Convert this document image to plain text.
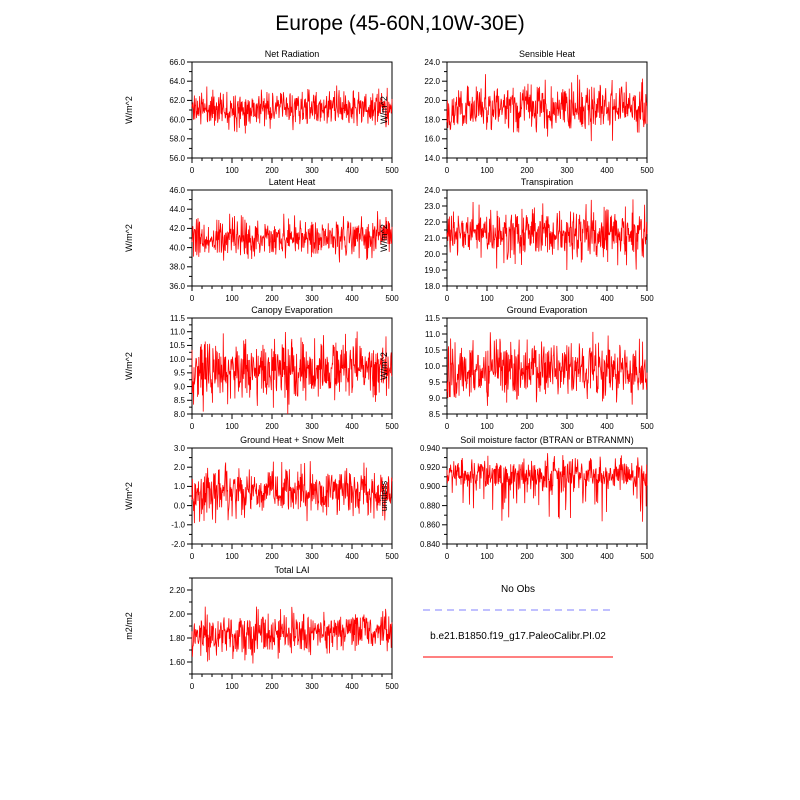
Europe (45-60N,10W-30E)
Net Radiation
W/m^2
56.0
58.0
60.0
62.0
64.0
66.0
0	100	200	300	400	500
Sensible Heat
W/m^2
14.0
16.0
18.0
20.0
22.0
24.0
0	100	200	300	400	500
Latent Heat
W/m^2
36.0
38.0
40.0
42.0
44.0
46.0
0	100	200	300	400	500
Transpiration
W/m^2
18.0
19.0
20.0
21.0
22.0
23.0
24.0
0	100	200	300	400	500
Canopy Evaporation
W/m^2
8.0
8.5
9.0
9.5
10.0
10.5
11.0
11.5
0	100	200	300	400	500
Ground Evaporation
W/m^2
8.5
9.0
9.5
10.0
10.5
11.0
11.5
0	100	200	300	400	500
Ground Heat + Snow Melt
W/m^2
-2.0
-1.0
0.0
1.0
2.0
3.0
0	100	200	300	400	500
Soil moisture factor (BTRAN or BTRANMN)
unitless
0.840
0.860
0.880
0.900
0.920
0.940
0	100	200	300	400	500
Total LAI
m2/m2
1.60
1.80
2.00
2.20
0	100	200	300	400	500
No Obs
b.e21.B1850.f19_g17.PaleoCalibr.PI.02
